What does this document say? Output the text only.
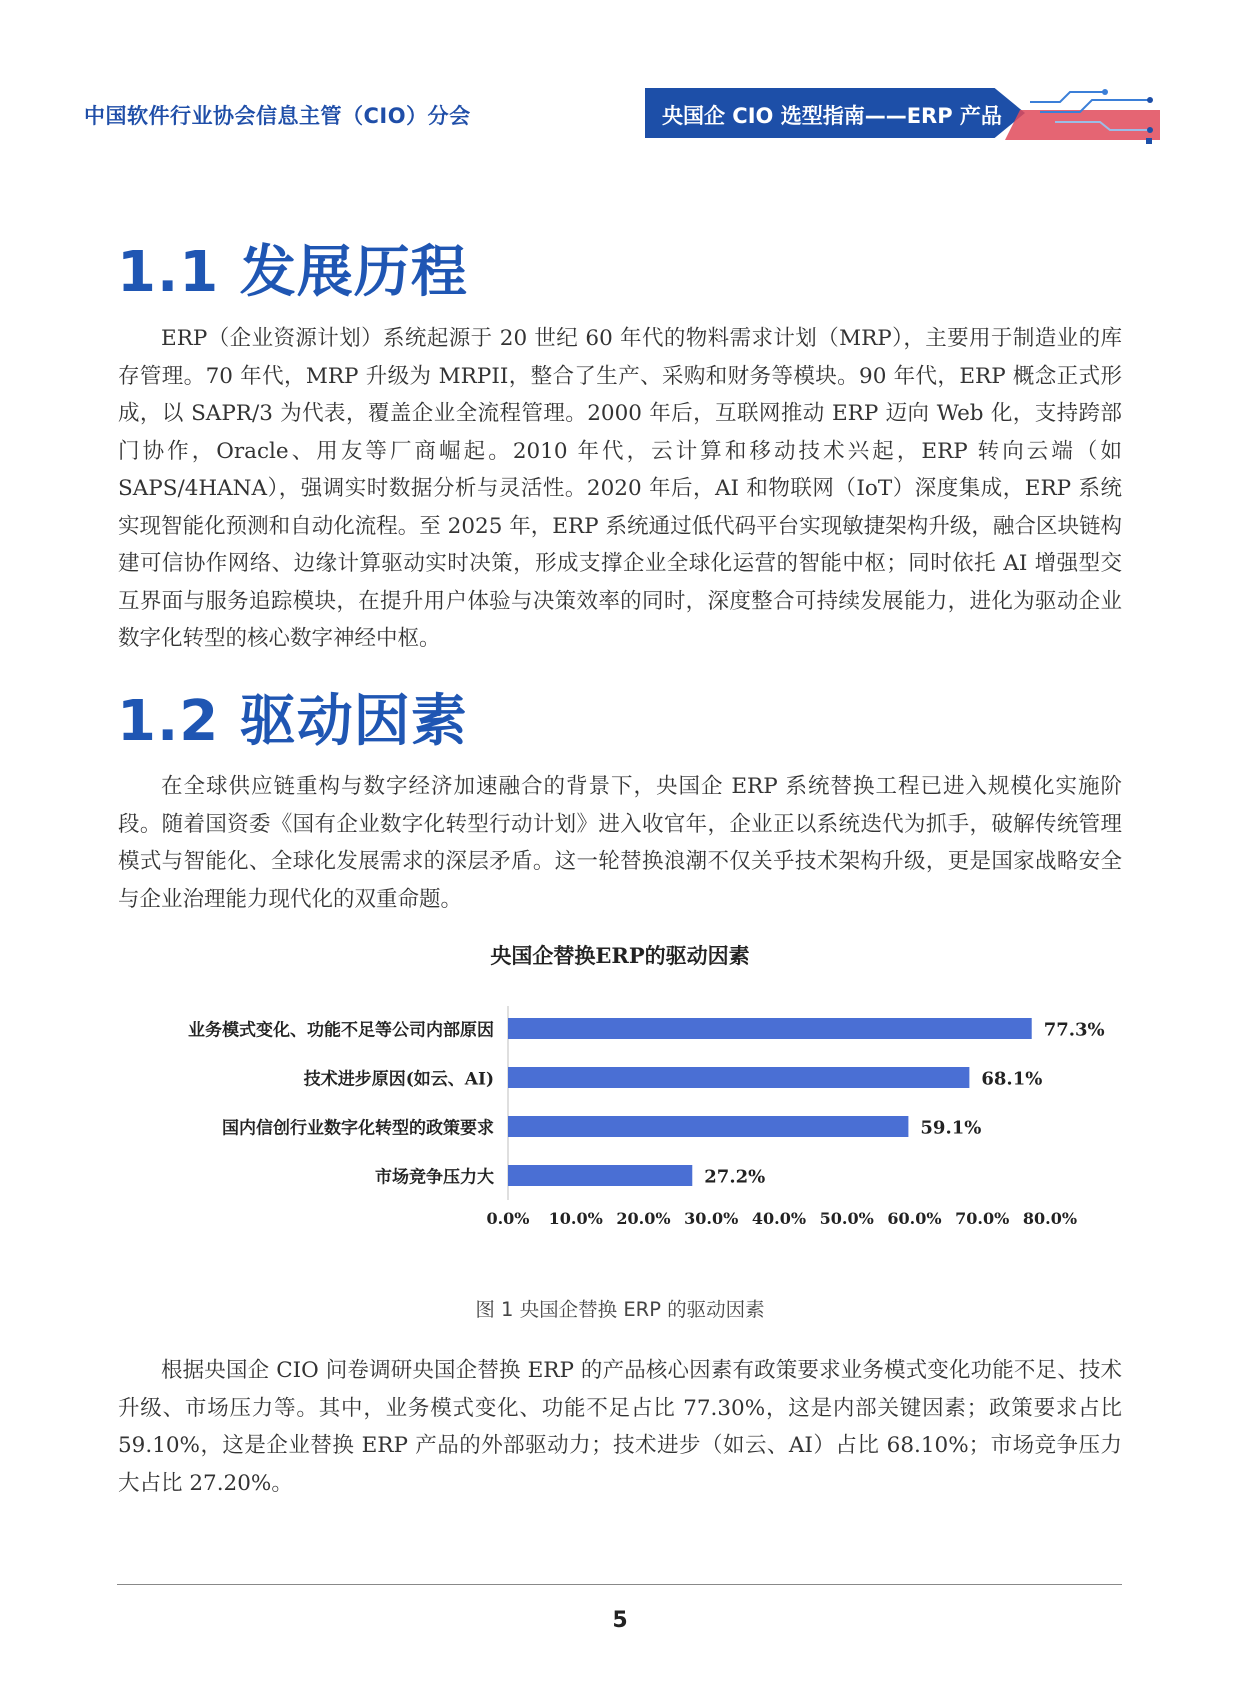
中国软件行业协会信息主管（CIO）分会	央国企 CIO 选型指南——ERP 产品
1.1 发展历程

ERP（企业资源计划）系统起源于 20 世纪 60 年代的物料需求计划（MRP），主要用于制造业的库存管理。70 年代，MRP 升级为 MRPII，整合了生产、采购和财务等模块。90 年代，ERP 概念正式形成，以 SAPR/3 为代表，覆盖企业全流程管理。2000 年后，互联网推动 ERP 迈向 Web 化，支持跨部门协作，Oracle、用友等厂商崛起。2010 年代，云计算和移动技术兴起，ERP 转向云端（如 SAPS/4HANA），强调实时数据分析与灵活性。2020 年后，AI 和物联网（IoT）深度集成，ERP 系统实现智能化预测和自动化流程。至 2025 年，ERP 系统通过低代码平台实现敏捷架构升级，融合区块链构建可信协作网络、边缘计算驱动实时决策，形成支撑企业全球化运营的智能中枢；同时依托 AI 增强型交互界面与服务追踪模块，在提升用户体验与决策效率的同时，深度整合可持续发展能力，进化为驱动企业数字化转型的核心数字神经中枢。

1.2 驱动因素

在全球供应链重构与数字经济加速融合的背景下，央国企 ERP 系统替换工程已进入规模化实施阶段。随着国资委《国有企业数字化转型行动计划》进入收官年，企业正以系统迭代为抓手，破解传统管理模式与智能化、全球化发展需求的深层矛盾。这一轮替换浪潮不仅关乎技术架构升级，更是国家战略安全与企业治理能力现代化的双重命题。

央国企替换ERP的驱动因素
业务模式变化、功能不足等公司内部原因	77.3%
技术进步原因(如云、AI)	68.1%
国内信创行业数字化转型的政策要求	59.1%
市场竞争压力大	27.2%
0.0% 10.0% 20.0% 30.0% 40.0% 50.0% 60.0% 70.0% 80.0%
图 1 央国企替换 ERP 的驱动因素

根据央国企 CIO 问卷调研央国企替换 ERP 的产品核心因素有政策要求业务模式变化功能不足、技术升级、市场压力等。其中，业务模式变化、功能不足占比 77.30%，这是内部关键因素；政策要求占比 59.10%，这是企业替换 ERP 产品的外部驱动力；技术进步（如云、AI）占比 68.10%；市场竞争压力大占比 27.20%。

5
